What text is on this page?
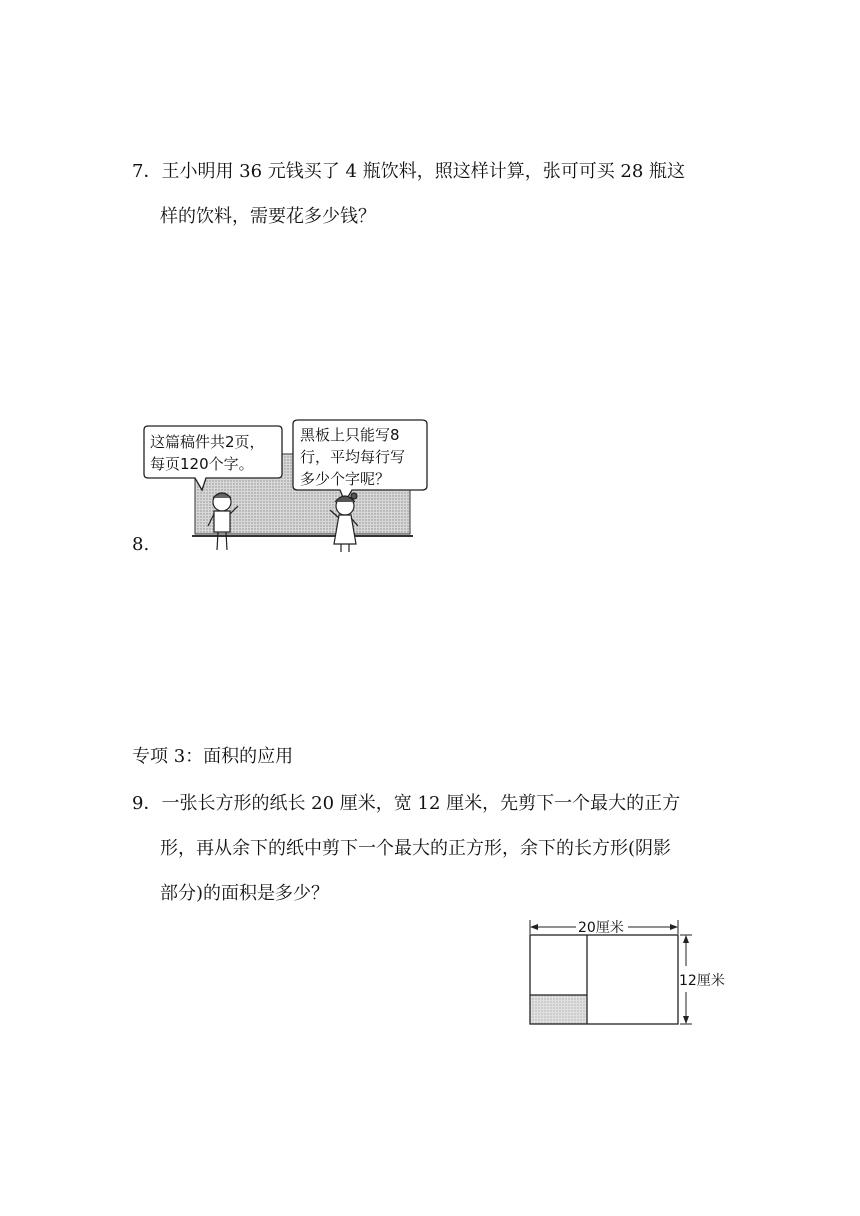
7．王小明用 36 元钱买了 4 瓶饮料，照这样计算，张可可买 28 瓶这
样的饮料，需要花多少钱？
8.
这篇稿件共2页，
每页120个字。
黑板上只能写8
行，平均每行写
多少个字呢？
专项 3：面积的应用
9．一张长方形的纸长 20 厘米，宽 12 厘米，先剪下一个最大的正方
形，再从余下的纸中剪下一个最大的正方形，余下的长方形(阴影
部分)的面积是多少？
20厘米
12厘米
